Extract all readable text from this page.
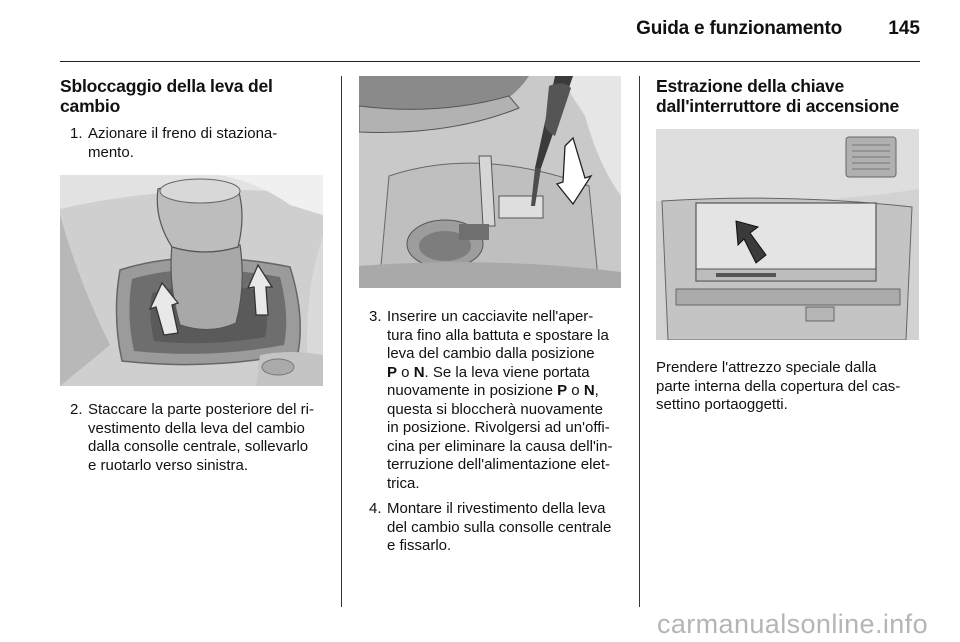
Guida e funzionamento 145
Sbloccaggio della leva del
cambio
1. Azionare il freno di staziona-
mento.
2. Staccare la parte posteriore del ri-
vestimento della leva del cambio
dalla consolle centrale, sollevarlo
e ruotarlo verso sinistra.
3. Inserire un cacciavite nell'aper-
tura fino alla battuta e spostare la
leva del cambio dalla posizione
P o N. Se la leva viene portata
nuovamente in posizione P o N,
questa si bloccherà nuovamente
in posizione. Rivolgersi ad un'offi-
cina per eliminare la causa dell'in-
terruzione dell'alimentazione elet-
trica.
4. Montare il rivestimento della leva
del cambio sulla consolle centrale
e fissarlo.
Estrazione della chiave
dall'interruttore di accensione
Prendere l'attrezzo speciale dalla
parte interna della copertura del cas-
settino portaoggetti.
carmanualsonline.info
